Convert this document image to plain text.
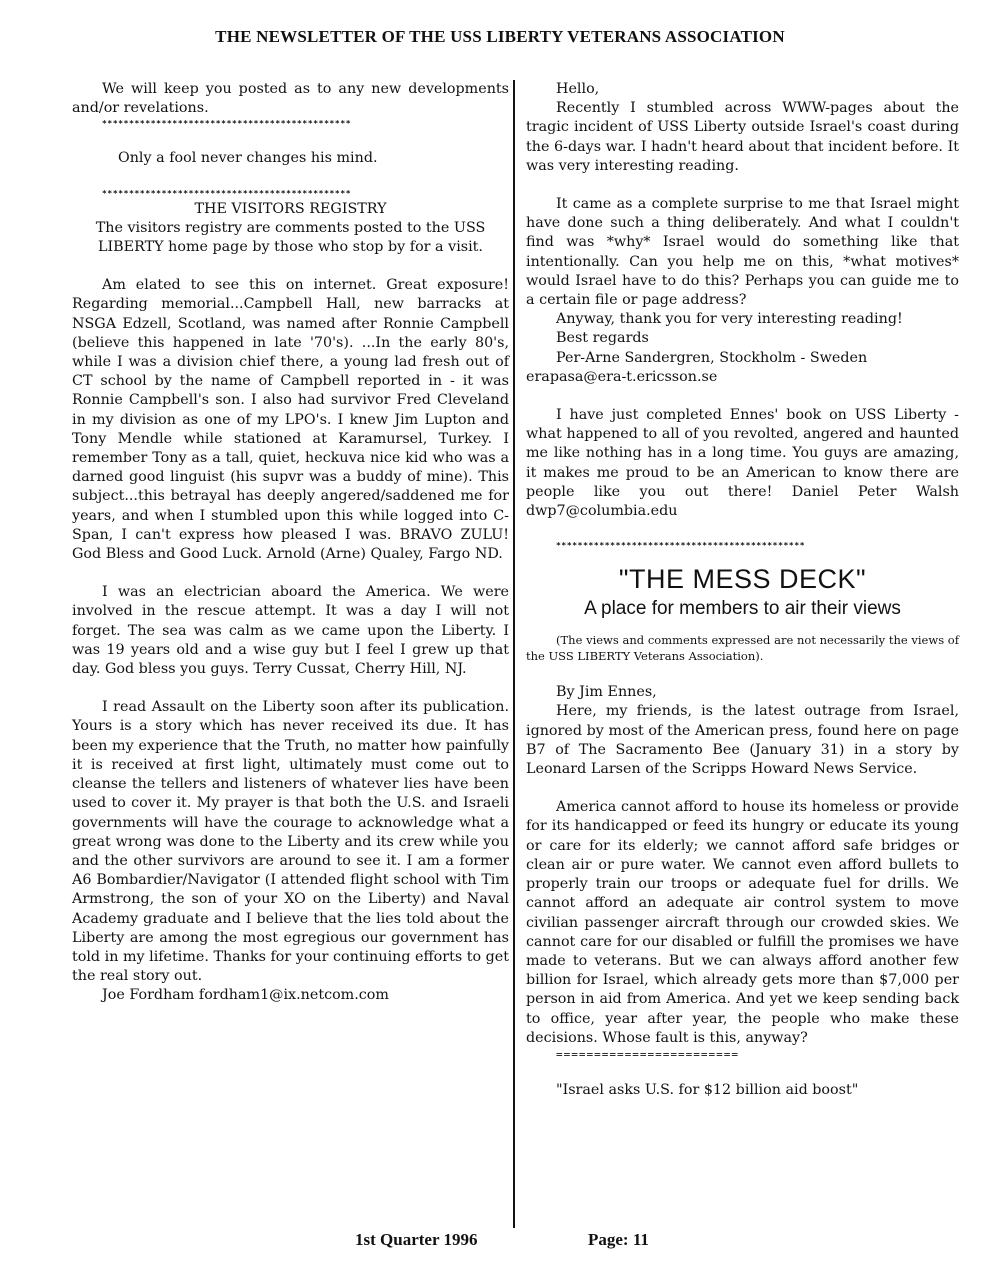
THE NEWSLETTER OF THE USS LIBERTY VETERANS ASSOCIATION

We will keep you posted as to any new developments and/or revelations.

**********************************************

Only a fool never changes his mind.

**********************************************

THE VISITORS REGISTRY

The visitors registry are comments posted to the USS LIBERTY home page by those who stop by for a visit.

Am elated to see this on internet. Great exposure! Regarding memorial...Campbell Hall, new barracks at NSGA Edzell, Scotland, was named after Ronnie Campbell (believe this happened in late '70's). ...In the early 80's, while I was a division chief there, a young lad fresh out of CT school by the name of Campbell reported in - it was Ronnie Campbell's son. I also had survivor Fred Cleveland in my division as one of my LPO's. I knew Jim Lupton and Tony Mendle while stationed at Karamursel, Turkey. I remember Tony as a tall, quiet, heckuva nice kid who was a darned good linguist (his supvr was a buddy of mine). This subject...this betrayal has deeply angered/saddened me for years, and when I stumbled upon this while logged into C-Span, I can't express how pleased I was. BRAVO ZULU! God Bless and Good Luck. Arnold (Arne) Qualey, Fargo ND.

I was an electrician aboard the America. We were involved in the rescue attempt. It was a day I will not forget. The sea was calm as we came upon the Liberty. I was 19 years old and a wise guy but I feel I grew up that day. God bless you guys. Terry Cussat, Cherry Hill, NJ.

I read Assault on the Liberty soon after its publication. Yours is a story which has never received its due. It has been my experience that the Truth, no matter how painfully it is received at first light, ultimately must come out to cleanse the tellers and listeners of whatever lies have been used to cover it. My prayer is that both the U.S. and Israeli governments will have the courage to acknowledge what a great wrong was done to the Liberty and its crew while you and the other survivors are around to see it. I am a former A6 Bombardier/Navigator (I attended flight school with Tim Armstrong, the son of your XO on the Liberty) and Naval Academy graduate and I believe that the lies told about the Liberty are among the most egregious our government has told in my lifetime. Thanks for your continuing efforts to get the real story out.

Joe Fordham fordham1@ix.netcom.com

Hello,

Recently I stumbled across WWW-pages about the tragic incident of USS Liberty outside Israel's coast during the 6-days war. I hadn't heard about that incident before. It was very interesting reading.

It came as a complete surprise to me that Israel might have done such a thing deliberately. And what I couldn't find was *why* Israel would do something like that intentionally. Can you help me on this, *what motives* would Israel have to do this? Perhaps you can guide me to a certain file or page address?

Anyway, thank you for very interesting reading!

Best regards

Per-Arne Sandergren, Stockholm - Sweden

erapasa@era-t.ericsson.se

I have just completed Ennes' book on USS Liberty - what happened to all of you revolted, angered and haunted me like nothing has in a long time. You guys are amazing, it makes me proud to be an American to know there are people like you out there! Daniel Peter Walsh dwp7@columbia.edu

**********************************************
"THE MESS DECK"
A place for members to air their views

(The views and comments expressed are not necessarily the views of the USS LIBERTY Veterans Association).

By Jim Ennes,

Here, my friends, is the latest outrage from Israel, ignored by most of the American press, found here on page B7 of The Sacramento Bee (January 31) in a story by Leonard Larsen of the Scripps Howard News Service.

America cannot afford to house its homeless or provide for its handicapped or feed its hungry or educate its young or care for its elderly; we cannot afford safe bridges or clean air or pure water. We cannot even afford bullets to properly train our troops or adequate fuel for drills. We cannot afford an adequate air control system to move civilian passenger aircraft through our crowded skies. We cannot care for our disabled or fulfill the promises we have made to veterans. But we can always afford another few billion for Israel, which already gets more than $7,000 per person in aid from America. And yet we keep sending back to office, year after year, the people who make these decisions. Whose fault is this, anyway?

========================

"Israel asks U.S. for $12 billion aid boost"

1st Quarter 1996	Page: 11
